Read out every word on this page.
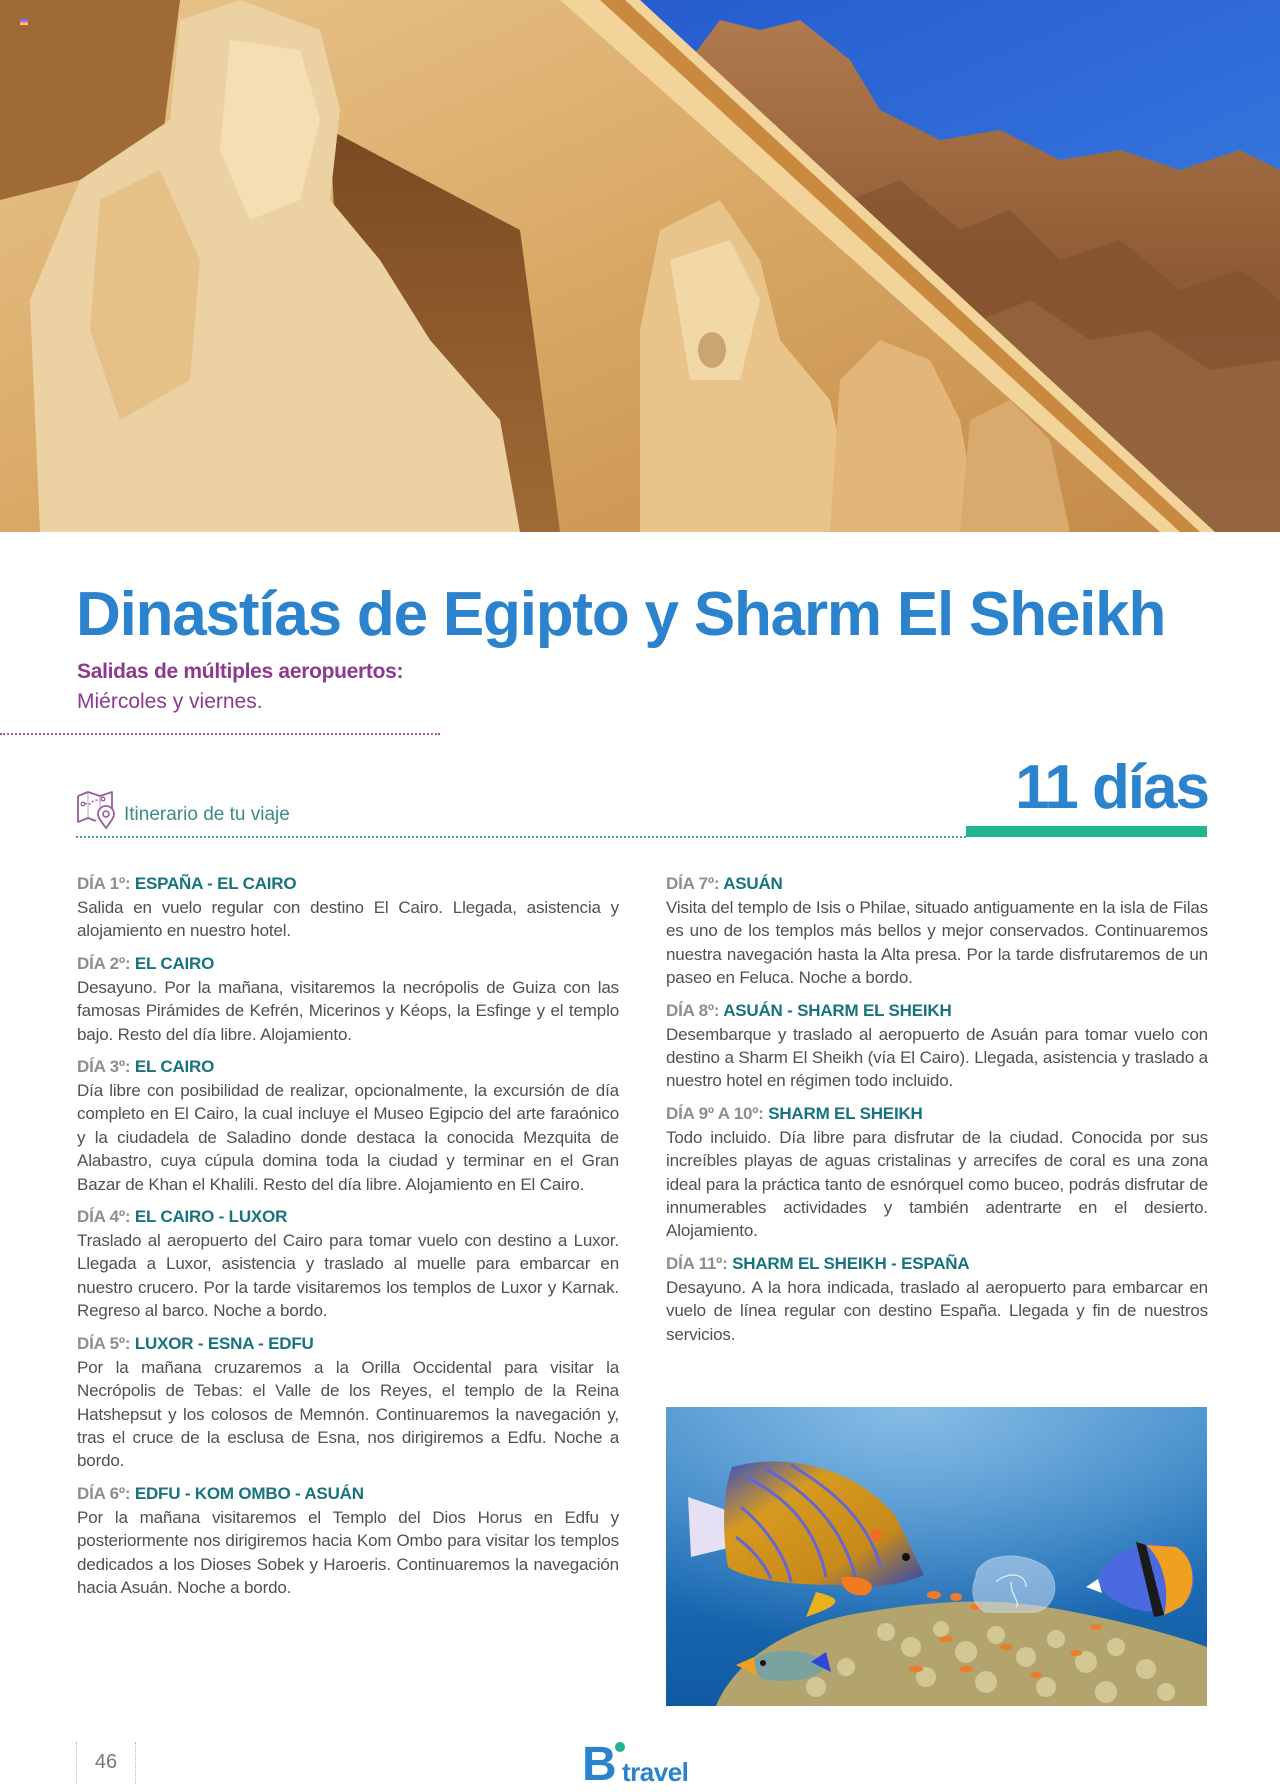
Dinastías de Egipto y Sharm El Sheikh
Salidas de múltiples aeropuertos:
Miércoles y viernes.
Itinerario de tu viaje	11 días
DÍA 1º: ESPAÑA - EL CAIRO

Salida en vuelo regular con destino El Cairo. Llegada, asistencia y alojamiento en nuestro hotel.

DÍA 2º: EL CAIRO

Desayuno. Por la mañana, visitaremos la necrópolis de Guiza con las famosas Pirámides de Kefrén, Micerinos y Kéops, la Esfinge y el templo bajo. Resto del día libre. Alojamiento.

DÍA 3º: EL CAIRO

Día libre con posibilidad de realizar, opcionalmente, la excursión de día completo en El Cairo, la cual incluye el Museo Egipcio del arte faraónico y la ciudadela de Saladino donde destaca la conocida Mezquita de Alabastro, cuya cúpula domina toda la ciudad y terminar en el Gran Bazar de Khan el Khalili. Resto del día libre. Alojamiento en El Cairo.

DÍA 4º: EL CAIRO - LUXOR

Traslado al aeropuerto del Cairo para tomar vuelo con destino a Luxor. Llegada a Luxor, asistencia y traslado al muelle para embarcar en nuestro crucero. Por la tarde visitaremos los templos de Luxor y Karnak. Regreso al barco. Noche a bordo.

DÍA 5º: LUXOR - ESNA - EDFU

Por la mañana cruzaremos a la Orilla Occidental para visitar la Necrópolis de Tebas: el Valle de los Reyes, el templo de la Reina Hatshepsut y los colosos de Memnón. Continuaremos la navegación y, tras el cruce de la esclusa de Esna, nos dirigiremos a Edfu. Noche a bordo.

DÍA 6º: EDFU - KOM OMBO - ASUÁN

Por la mañana visitaremos el Templo del Dios Horus en Edfu y posteriormente nos dirigiremos hacia Kom Ombo para visitar los templos dedicados a los Dioses Sobek y Haroeris. Continuaremos la navegación hacia Asuán. Noche a bordo.

DÍA 7º: ASUÁN

Visita del templo de Isis o Philae, situado antiguamente en la isla de Filas es uno de los templos más bellos y mejor conservados. Continuaremos nuestra navegación hasta la Alta presa. Por la tarde disfrutaremos de un paseo en Feluca. Noche a bordo.

DÍA 8º: ASUÁN - SHARM EL SHEIKH

Desembarque y traslado al aeropuerto de Asuán para tomar vuelo con destino a Sharm El Sheikh (vía El Cairo). Llegada, asistencia y traslado a nuestro hotel en régimen todo incluido.

DÍA 9º A 10º: SHARM EL SHEIKH

Todo incluido. Día libre para disfrutar de la ciudad. Conocida por sus increíbles playas de aguas cristalinas y arrecifes de coral es una zona ideal para la práctica tanto de esnórquel como buceo, podrás disfrutar de innumerables actividades y también adentrarte en el desierto. Alojamiento.

DÍA 11º: SHARM EL SHEIKH - ESPAÑA

Desayuno. A la hora indicada, traslado al aeropuerto para embarcar en vuelo de línea regular con destino España. Llegada y fin de nuestros servicios.

46	B travel
